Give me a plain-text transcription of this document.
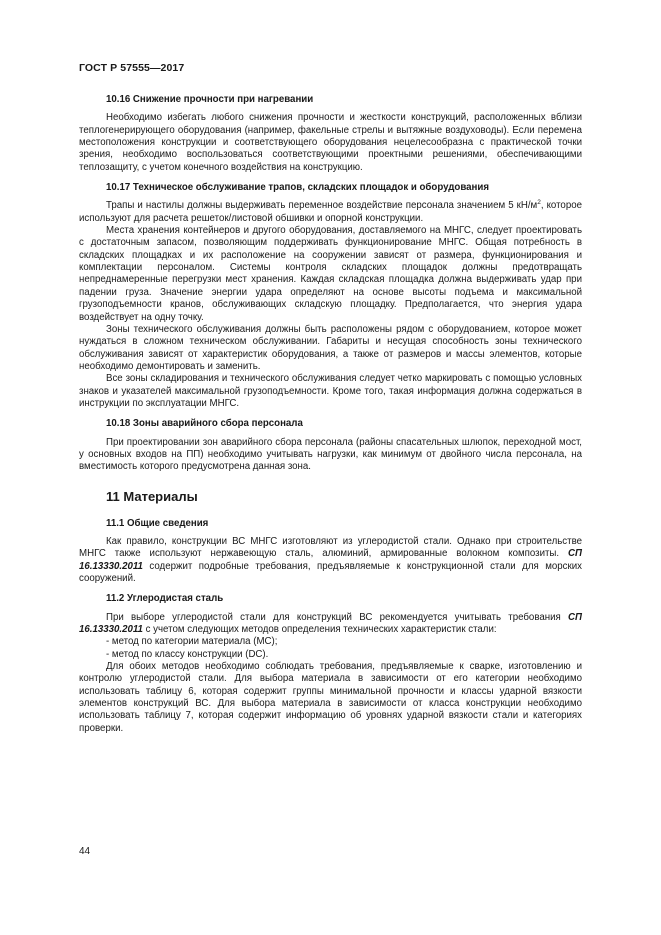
ГОСТ Р 57555—2017
10.16 Снижение прочности при нагревании

Необходимо избегать любого снижения прочности и жесткости конструкций, расположенных вблизи теплогенерирующего оборудования (например, факельные стрелы и вытяжные воздуховоды). Если перемена местоположения конструкции и соответствующего оборудования нецелесообразна с практической точки зрения, необходимо воспользоваться соответствующими проектными решениями, обеспечивающими теплозащиту, с учетом конечного воздействия на конструкцию.

10.17 Техническое обслуживание трапов, складских площадок и оборудования

Трапы и настилы должны выдерживать переменное воздействие персонала значением 5 $кН/м^2$, которое используют для расчета решеток/листовой обшивки и опорной конструкции.

Места хранения контейнеров и другого оборудования, доставляемого на МНГС, следует проектировать с достаточным запасом, позволяющим поддерживать функционирование МНГС. Общая потребность в складских площадках и их расположение на сооружении зависят от размера, функционирования и комплектации персоналом. Системы контроля складских площадок должны предотвращать непреднамеренные перегрузки мест хранения. Каждая складская площадка должна выдерживать удар при падении груза. Значение энергии удара определяют на основе высоты подъема и максимальной грузоподъемности кранов, обслуживающих складскую площадку. Предполагается, что энергия удара воздействует на одну точку.

Зоны технического обслуживания должны быть расположены рядом с оборудованием, которое может нуждаться в сложном техническом обслуживании. Габариты и несущая способность зоны технического обслуживания зависят от характеристик оборудования, а также от размеров и массы элементов, которые необходимо демонтировать и заменить.

Все зоны складирования и технического обслуживания следует четко маркировать с помощью условных знаков и указателей максимальной грузоподъемности. Кроме того, такая информация должна содержаться в инструкции по эксплуатации МНГС.

10.18 Зоны аварийного сбора персонала

При проектировании зон аварийного сбора персонала (районы спасательных шлюпок, переходной мост, у основных входов на ПП) необходимо учитывать нагрузки, как минимум от двойного числа персонала, на вместимость которого предусмотрена данная зона.

11 Материалы
11.1 Общие сведения

Как правило, конструкции ВС МНГС изготовляют из углеродистой стали. Однако при строительстве МНГС также используют нержавеющую сталь, алюминий, армированные волокном композиты. СП 16.13330.2011 содержит подробные требования, предъявляемые к конструкционной стали для морских сооружений.

11.2 Углеродистая сталь

При выборе углеродистой стали для конструкций ВС рекомендуется учитывать требования СП 16.13330.2011 с учетом следующих методов определения технических характеристик стали:

- метод по категории материала (МС);

- метод по классу конструкции (DC).

Для обоих методов необходимо соблюдать требования, предъявляемые к сварке, изготовлению и контролю углеродистой стали. Для выбора материала в зависимости от его категории необходимо использовать таблицу 6, которая содержит группы минимальной прочности и классы ударной вязкости элементов конструкций ВС. Для выбора материала в зависимости от класса конструкции необходимо использовать таблицу 7, которая содержит информацию об уровнях ударной вязкости стали и категориях проверки.

44
